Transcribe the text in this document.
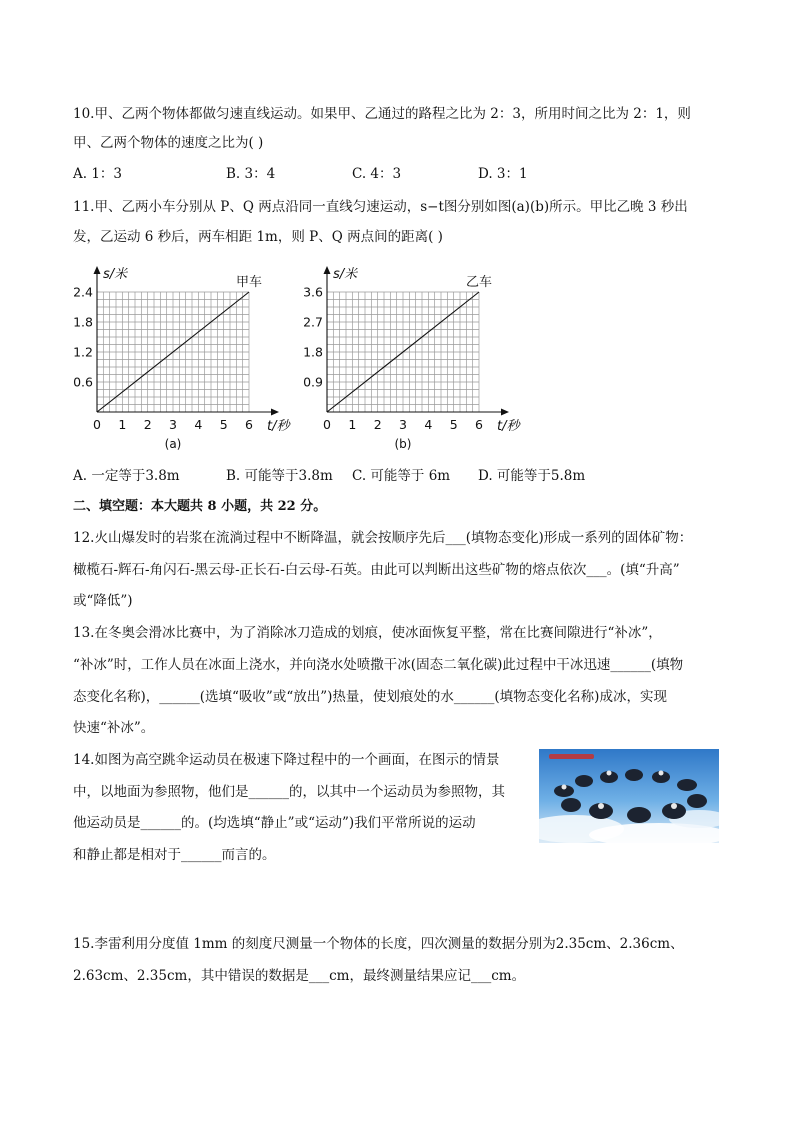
10.甲、乙两个物体都做匀速直线运动。如果甲、乙通过的路程之比为 2：3，所用时间之比为 2：1，则
甲、乙两个物体的速度之比为( )
A. 1：3	B. 3：4	C. 4：3	D. 3：1
11.甲、乙两小车分别从 P、Q 两点沿同一直线匀速运动，s−t图分别如图(a)(b)所示。甲比乙晚 3 秒出
发，乙运动 6 秒后，两车相距 1m，则 P、Q 两点间的距离( )
0 1 2 3 4 5 6
0.6
1.2
1.8
2.4
s/米
t/秒
甲车
(a)
0 1 2 3 4 5 6
0.9
1.8
2.7
3.6
s/米
t/秒
乙车
(b)
A. 一定等于3.8m	B. 可能等于3.8m C. 可能等于 6m D. 可能等于5.8m
二、填空题：本大题共 8 小题，共 22 分。
12.火山爆发时的岩浆在流淌过程中不断降温，就会按顺序先后___(填物态变化)形成一系列的固体矿物：
橄榄石-辉石-角闪石-黑云母-正长石-白云母-石英。由此可以判断出这些矿物的熔点依次___。(填“升高”
或“降低”)
13.在冬奥会滑冰比赛中，为了消除冰刀造成的划痕，使冰面恢复平整，常在比赛间隙进行“补冰”，
“补冰”时，工作人员在冰面上浇水，并向浇水处喷撒干冰(固态二氧化碳)此过程中干冰迅速______(填物
态变化名称)，______(选填“吸收”或“放出”)热量，使划痕处的水______(填物态变化名称)成冰，实现
快速“补冰”。
14.如图为高空跳伞运动员在极速下降过程中的一个画面，在图示的情景
中，以地面为参照物，他们是______的，以其中一个运动员为参照物，其
他运动员是______的。(均选填“静止”或“运动”)我们平常所说的运动
和静止都是相对于______而言的。
15.李雷利用分度值 1mm 的刻度尺测量一个物体的长度，四次测量的数据分别为2.35cm、2.36cm、
2.63cm、2.35cm，其中错误的数据是___cm，最终测量结果应记___cm。
